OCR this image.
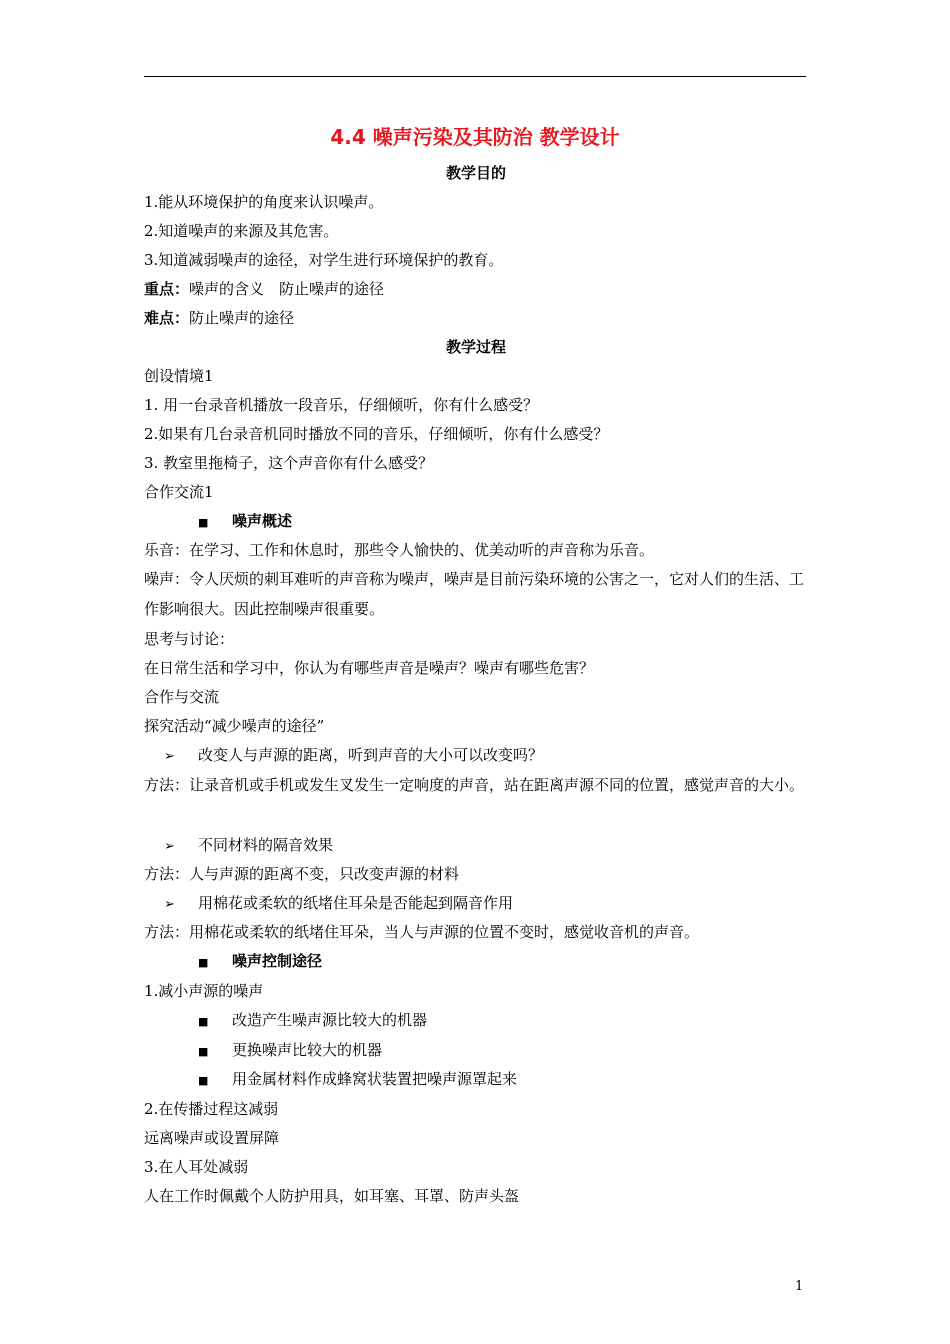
4.4 噪声污染及其防治 教学设计
教学目的
1.能从环境保护的角度来认识噪声。
2.知道噪声的来源及其危害。
3.知道减弱噪声的途径，对学生进行环境保护的教育。
重点：噪声的含义　防止噪声的途径
难点：防止噪声的途径
教学过程
创设情境1
1. 用一台录音机播放一段音乐，仔细倾听，你有什么感受？
2.如果有几台录音机同时播放不同的音乐，仔细倾听，你有什么感受？
3. 教室里拖椅子，这个声音你有什么感受？
合作交流1
■ 噪声概述
乐音：在学习、工作和休息时，那些令人愉快的、优美动听的声音称为乐音。
噪声：令人厌烦的刺耳难听的声音称为噪声，噪声是目前污染环境的公害之一，它对人们的生活、工作影响很大。因此控制噪声很重要。
思考与讨论：
在日常生活和学习中，你认为有哪些声音是噪声？噪声有哪些危害？
合作与交流
探究活动“减少噪声的途径”
➢ 改变人与声源的距离，听到声音的大小可以改变吗？
方法：让录音机或手机或发生叉发生一定响度的声音，站在距离声源不同的位置，感觉声音的大小。
➢ 不同材料的隔音效果
方法：人与声源的距离不变，只改变声源的材料
➢ 用棉花或柔软的纸堵住耳朵是否能起到隔音作用
方法：用棉花或柔软的纸堵住耳朵，当人与声源的位置不变时，感觉收音机的声音。
■ 噪声控制途径
1.减小声源的噪声
■ 改造产生噪声源比较大的机器
■ 更换噪声比较大的机器
■ 用金属材料作成蜂窝状装置把噪声源罩起来
2.在传播过程这减弱
远离噪声或设置屏障
3.在人耳处减弱
人在工作时佩戴个人防护用具，如耳塞、耳罩、防声头盔
1
